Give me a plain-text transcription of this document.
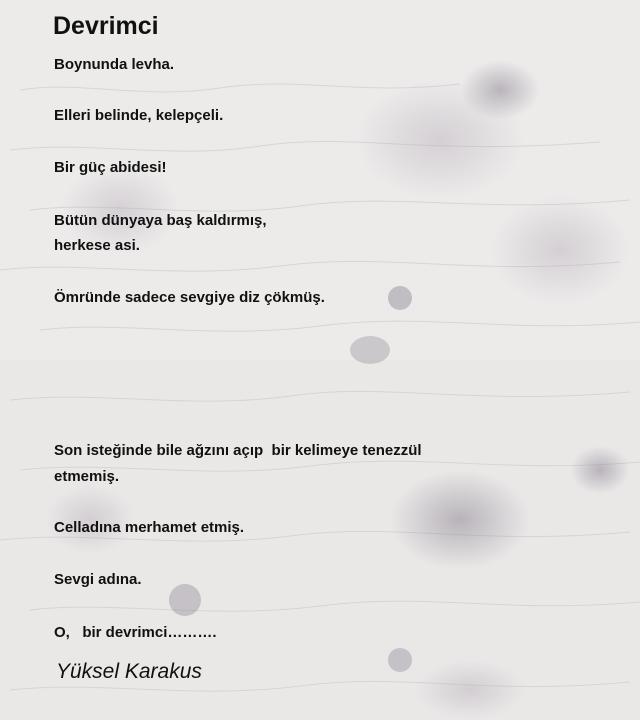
Devrimci

Boynunda levha.

Elleri belinde, kelepçeli.

Bir güç abidesi!

Bütün dünyaya baş kaldırmış,

herkese asi.

Ömründe sadece sevgiye diz çökmüş.

Son isteğinde bile ağzını açıp  bir kelimeye tenezzül

etmemiş.

Celladına merhamet etmiş.

Sevgi adına.

O,   bir devrimci……….

Yüksel Karakus
